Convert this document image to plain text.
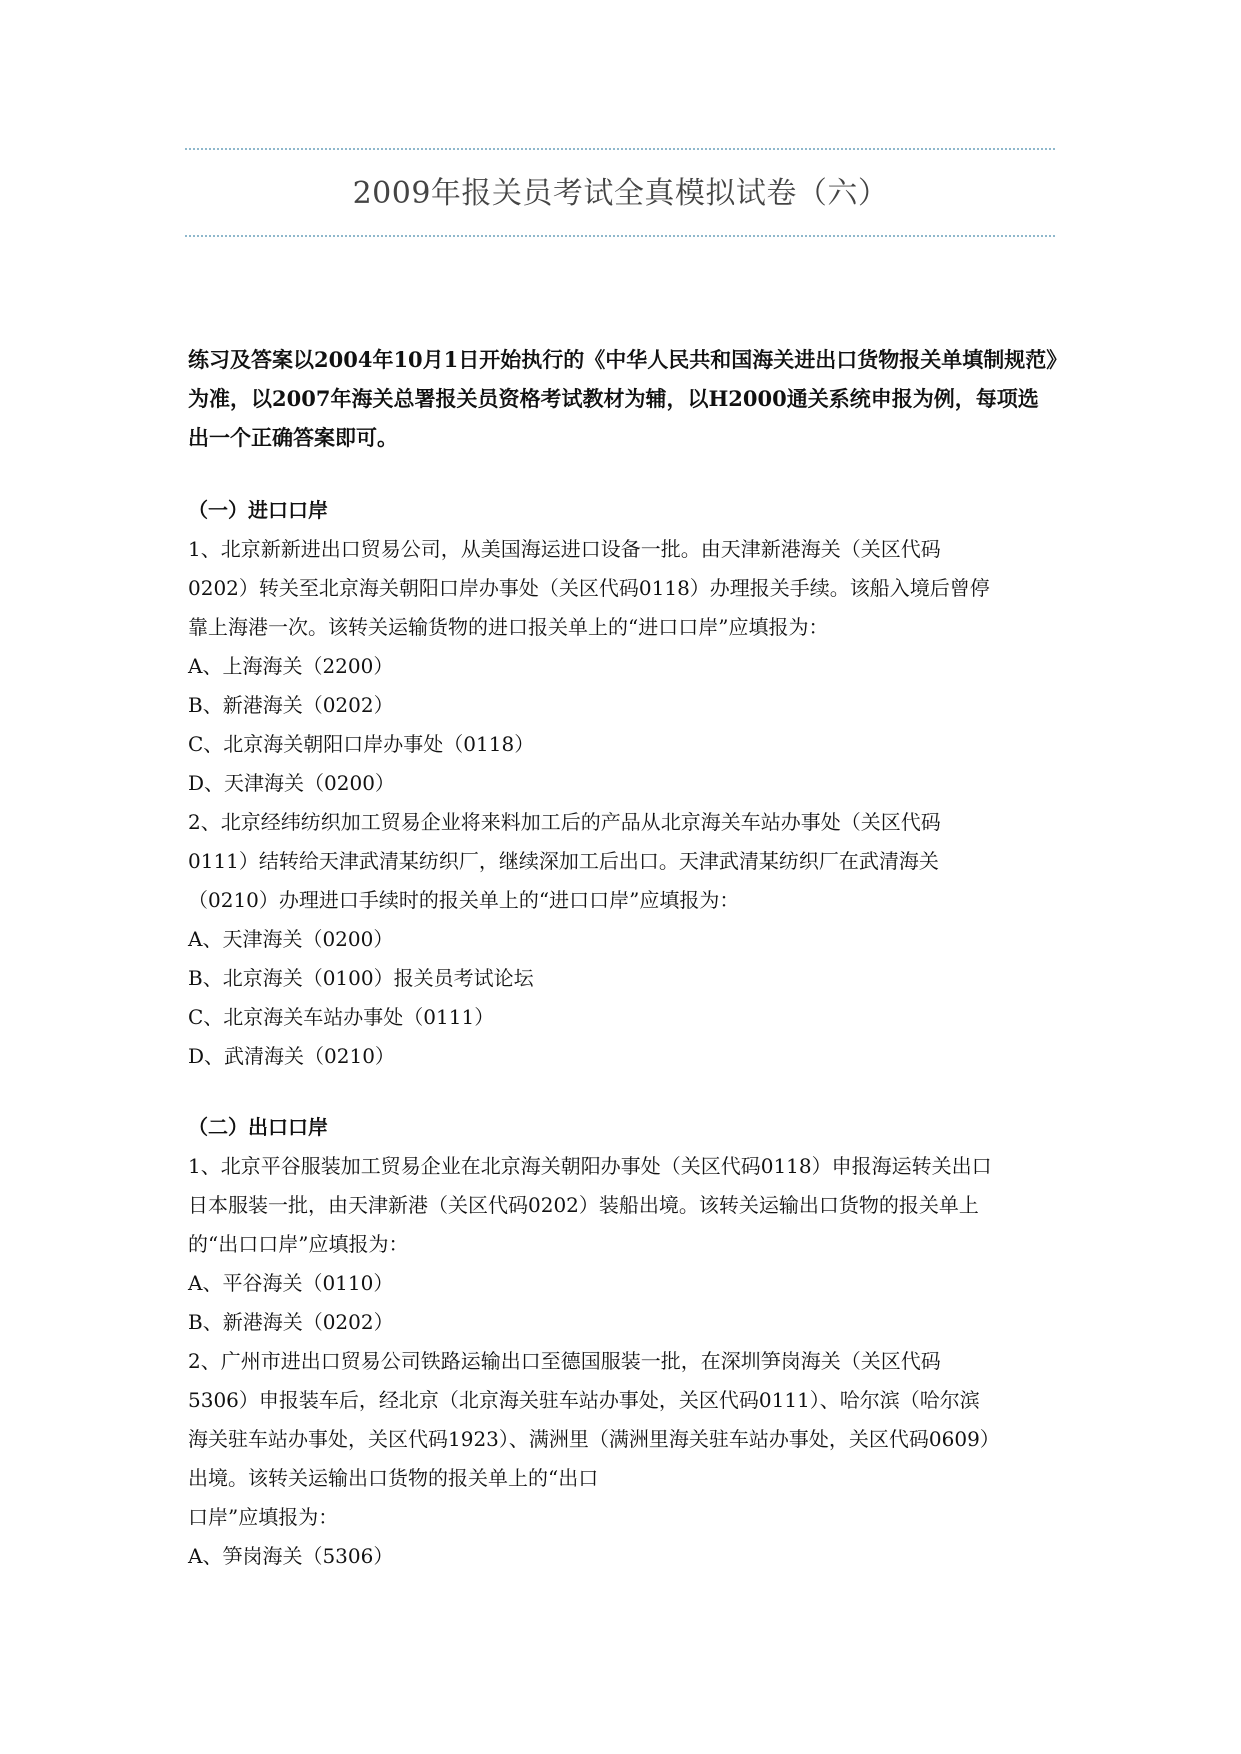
2009年报关员考试全真模拟试卷（六）

练习及答案以2004年10月1日开始执行的《中华人民共和国海关进出口货物报关单填制规范》为准，以2007年海关总署报关员资格考试教材为辅，以H2000通关系统申报为例，每项选出一个正确答案即可。

（一）进口口岸

1、北京新新进出口贸易公司，从美国海运进口设备一批。由天津新港海关（关区代码

0202）转关至北京海关朝阳口岸办事处（关区代码0118）办理报关手续。该船入境后曾停

靠上海港一次。该转关运输货物的进口报关单上的“进口口岸”应填报为：

A、上海海关（2200）

B、新港海关（0202）

C、北京海关朝阳口岸办事处（0118）

D、天津海关（0200）

2、北京经纬纺织加工贸易企业将来料加工后的产品从北京海关车站办事处（关区代码

0111）结转给天津武清某纺织厂，继续深加工后出口。天津武清某纺织厂在武清海关

（0210）办理进口手续时的报关单上的“进口口岸”应填报为：

A、天津海关（0200）

B、北京海关（0100）报关员考试论坛

C、北京海关车站办事处（0111）

D、武清海关（0210）

（二）出口口岸

1、北京平谷服装加工贸易企业在北京海关朝阳办事处（关区代码0118）申报海运转关出口

日本服装一批，由天津新港（关区代码0202）装船出境。该转关运输出口货物的报关单上

的“出口口岸”应填报为：

A、平谷海关（0110）

B、新港海关（0202）

2、广州市进出口贸易公司铁路运输出口至德国服装一批，在深圳笋岗海关（关区代码

5306）申报装车后，经北京（北京海关驻车站办事处，关区代码0111）、哈尔滨（哈尔滨

海关驻车站办事处，关区代码1923）、满洲里（满洲里海关驻车站办事处，关区代码0609）

出境。该转关运输出口货物的报关单上的“出口

口岸”应填报为：

A、笋岗海关（5306）
